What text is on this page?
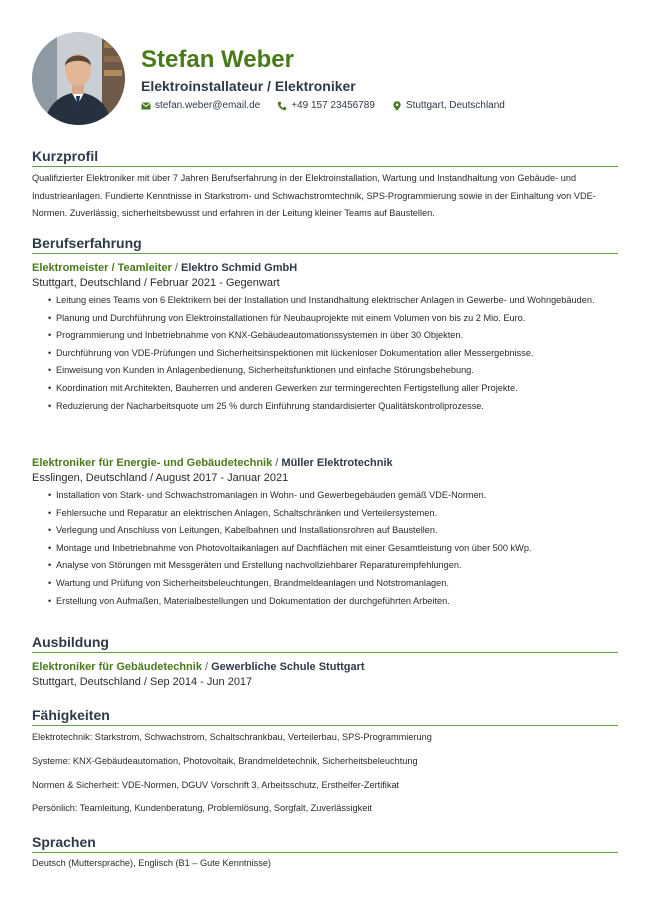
Stefan Weber
Elektroinstallateur / Elektroniker
stefan.weber@email.de	+49 157 23456789	Stuttgart, Deutschland
Kurzprofil
Qualifizierter Elektroniker mit über 7 Jahren Berufserfahrung in der Elektroinstallation, Wartung und Instandhaltung von Gebäude- und Industrieanlagen. Fundierte Kenntnisse in Starkstrom- und Schwachstromtechnik, SPS-Programmierung sowie in der Einhaltung von VDE-Normen. Zuverlässig, sicherheitsbewusst und erfahren in der Leitung kleiner Teams auf Baustellen.
Berufserfahrung
Elektromeister / Teamleiter / Elektro Schmid GmbH
Stuttgart, Deutschland / Februar 2021 - Gegenwart
• Leitung eines Teams von 6 Elektrikern bei der Installation und Instandhaltung elektrischer Anlagen in Gewerbe- und Wohngebäuden.
• Planung und Durchführung von Elektroinstallationen für Neubauprojekte mit einem Volumen von bis zu 2 Mio. Euro.
• Programmierung und Inbetriebnahme von KNX-Gebäudeautomationssystemen in über 30 Objekten.
• Durchführung von VDE-Prüfungen und Sicherheitsinspektionen mit lückenloser Dokumentation aller Messergebnisse.
• Einweisung von Kunden in Anlagenbedienung, Sicherheitsfunktionen und einfache Störungsbehebung.
• Koordination mit Architekten, Bauherren und anderen Gewerken zur termingerechten Fertigstellung aller Projekte.
• Reduzierung der Nacharbeitsquote um 25 % durch Einführung standardisierter Qualitätskontrollprozesse.
Elektroniker für Energie- und Gebäudetechnik / Müller Elektrotechnik
Esslingen, Deutschland / August 2017 - Januar 2021
• Installation von Stark- und Schwachstromanlagen in Wohn- und Gewerbegebäuden gemäß VDE-Normen.
• Fehlersuche und Reparatur an elektrischen Anlagen, Schaltschränken und Verteilersystemen.
• Verlegung und Anschluss von Leitungen, Kabelbahnen und Installationsrohren auf Baustellen.
• Montage und Inbetriebnahme von Photovoltaikanlagen auf Dachflächen mit einer Gesamtleistung von über 500 kWp.
• Analyse von Störungen mit Messgeräten und Erstellung nachvollziehbarer Reparaturempfehlungen.
• Wartung und Prüfung von Sicherheitsbeleuchtungen, Brandmeldeanlagen und Notstromanlagen.
• Erstellung von Aufmaßen, Materialbestellungen und Dokumentation der durchgeführten Arbeiten.
Ausbildung
Elektroniker für Gebäudetechnik / Gewerbliche Schule Stuttgart
Stuttgart, Deutschland / Sep 2014 - Jun 2017
Fähigkeiten
Elektrotechnik: Starkstrom, Schwachstrom, Schaltschrankbau, Verteilerbau, SPS-Programmierung
Systeme: KNX-Gebäudeautomation, Photovoltaik, Brandmeldetechnik, Sicherheitsbeleuchtung
Normen & Sicherheit: VDE-Normen, DGUV Vorschrift 3, Arbeitsschutz, Ersthelfer-Zertifikat
Persönlich: Teamleitung, Kundenberatung, Problemlösung, Sorgfalt, Zuverlässigkeit
Sprachen
Deutsch (Muttersprache), Englisch (B1 – Gute Kenntnisse)
